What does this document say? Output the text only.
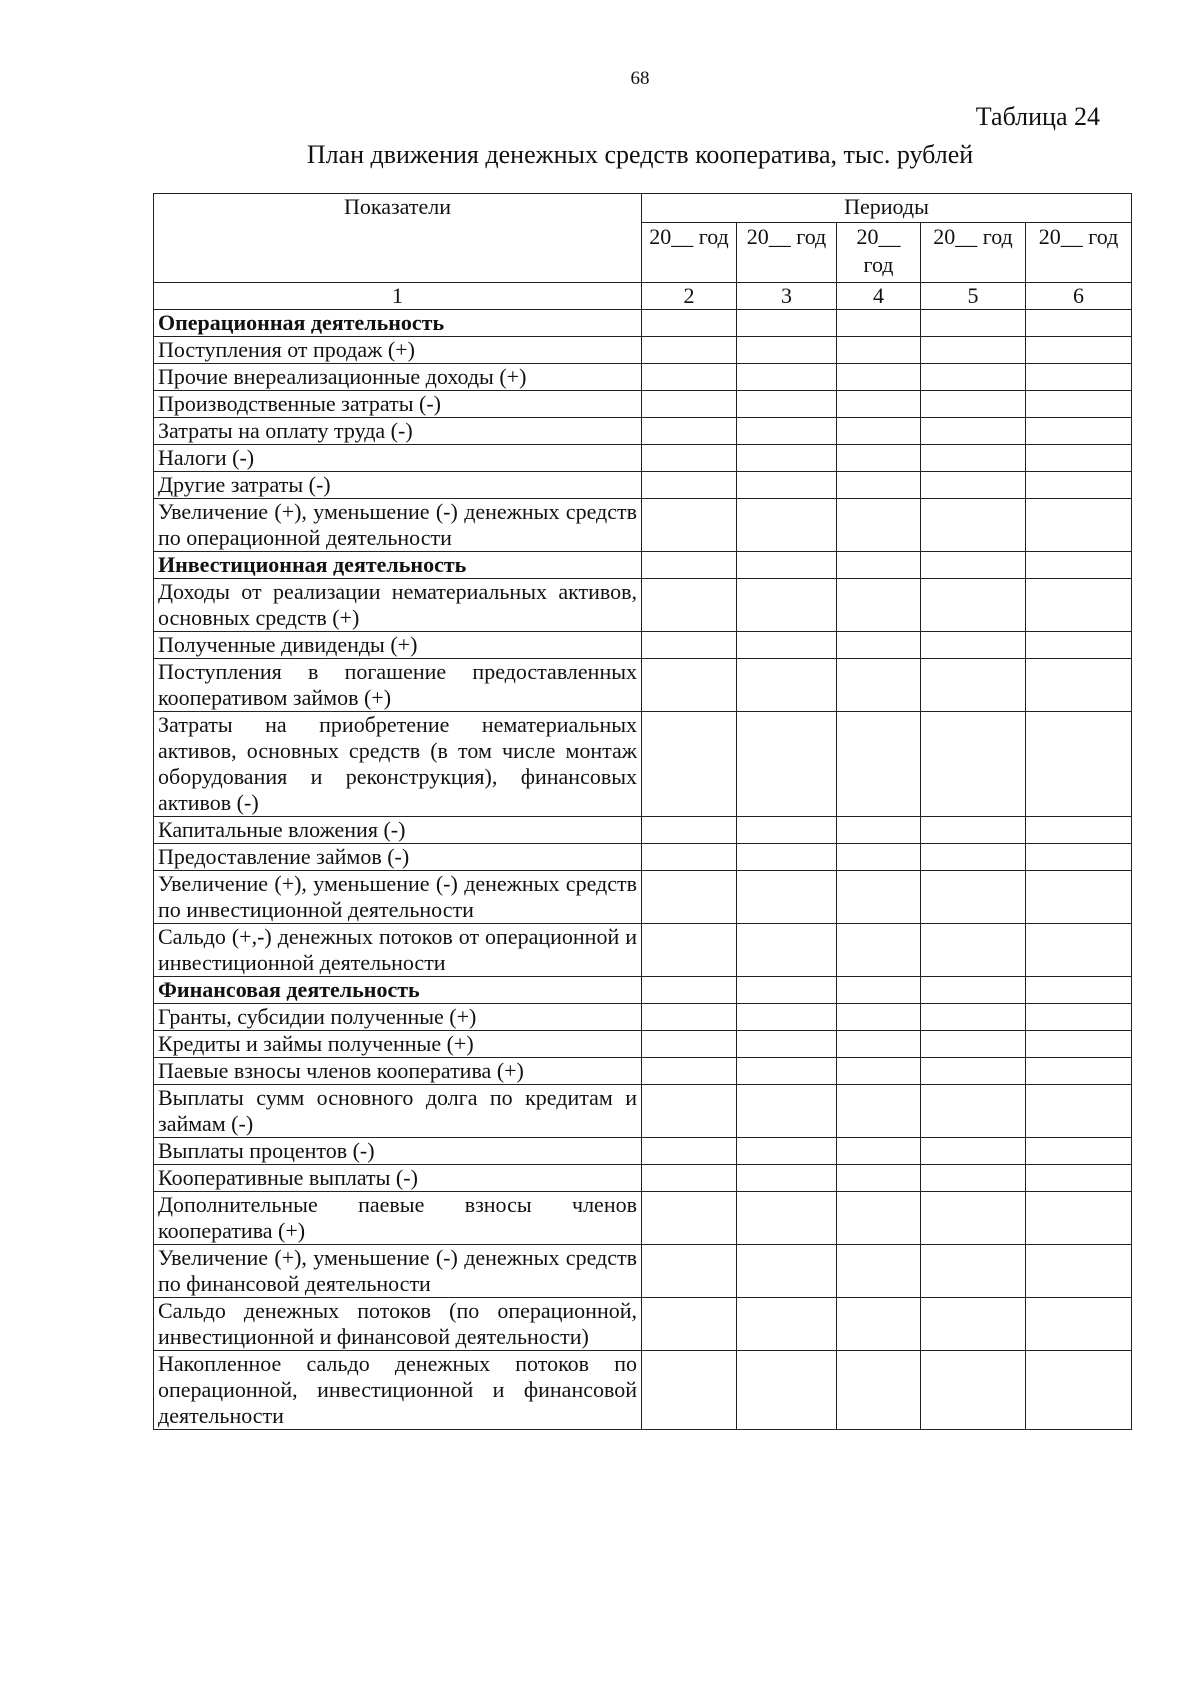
68
Таблица 24
План движения денежных средств кооператива, тыс. рублей
Показатели	Периоды				
	20__ год	20__ год	20__ год	20__ год	20__ год
1	2	3	4	5	6
Операционная деятельность					
Поступления от продаж (+)					
Прочие внереализационные доходы (+)					
Производственные затраты (-)					
Затраты на оплату труда (-)					
Налоги (-)					
Другие затраты (-)					
Увеличение (+), уменьшение (-) денежных средств по операционной деятельности					
Инвестиционная деятельность					
Доходы от реализации нематериальных активов, основных средств (+)					
Полученные дивиденды (+)					
Поступления в погашение предоставленных кооперативом займов (+)					
Затраты на приобретение нематериальных активов, основных средств (в том числе монтаж оборудования и реконструкция), финансовых активов (-)					
Капитальные вложения (-)					
Предоставление займов (-)					
Увеличение (+), уменьшение (-) денежных средств по инвестиционной деятельности					
Сальдо (+,-) денежных потоков от операционной и инвестиционной деятельности					
Финансовая деятельность					
Гранты, субсидии полученные (+)					
Кредиты и займы полученные (+)					
Паевые взносы членов кооператива (+)					
Выплаты сумм основного долга по кредитам и займам (-)					
Выплаты процентов (-)					
Кооперативные выплаты (-)					
Дополнительные паевые взносы членов кооператива (+)					
Увеличение (+), уменьшение (-) денежных средств по финансовой деятельности					
Сальдо денежных потоков (по операционной, инвестиционной и финансовой деятельности)					
Накопленное сальдо денежных потоков по операционной, инвестиционной и финансовой деятельности					
